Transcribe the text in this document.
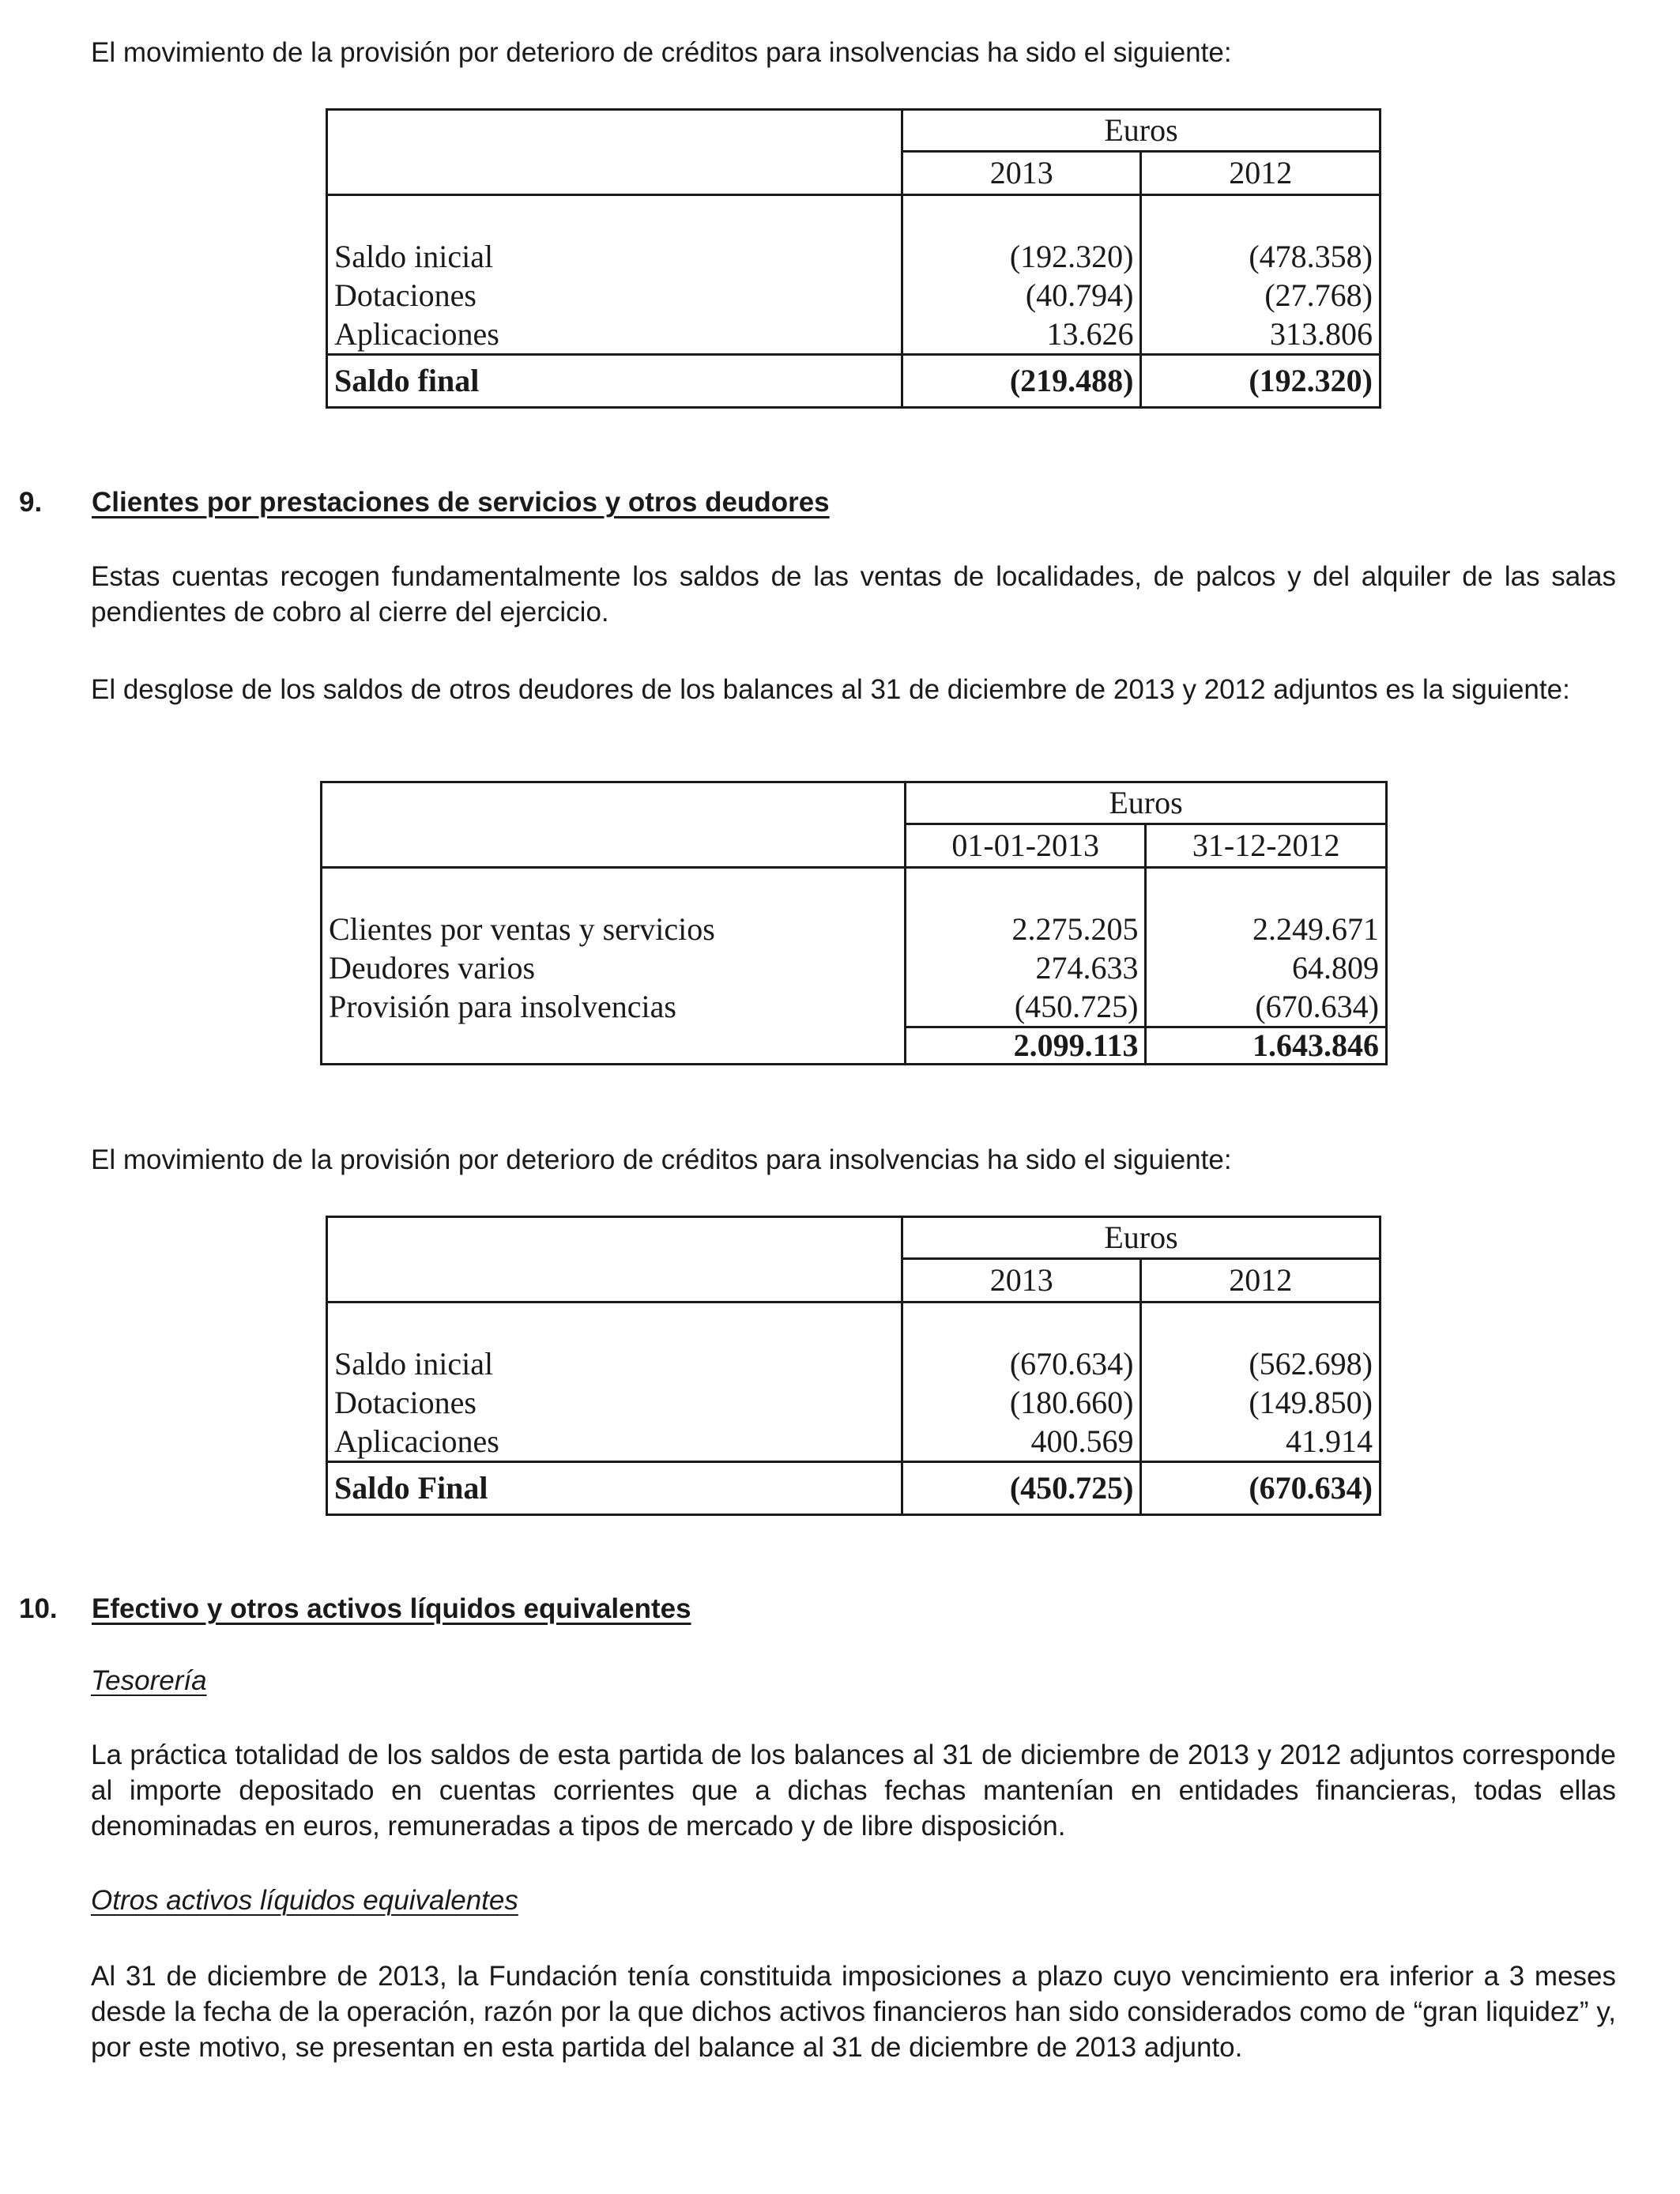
El movimiento de la provisión por deterioro de créditos para insolvencias ha sido el siguiente:

	Euros	
	2013	2012

Saldo inicial	(192.320)	(478.358)
Dotaciones	(40.794)	(27.768)
Aplicaciones	13.626	313.806
Saldo final	(219.488)	(192.320)

9. Clientes por prestaciones de servicios y otros deudores

Estas cuentas recogen fundamentalmente los saldos de las ventas de localidades, de palcos y del alquiler de las salas pendientes de cobro al cierre del ejercicio.

El desglose de los saldos de otros deudores de los balances al 31 de diciembre de 2013 y 2012 adjuntos es la siguiente:

	Euros	
	01-01-2013	31-12-2012

Clientes por ventas y servicios	2.275.205	2.249.671
Deudores varios	274.633	64.809
Provisión para insolvencias	(450.725)	(670.634)
	2.099.113	1.643.846

El movimiento de la provisión por deterioro de créditos para insolvencias ha sido el siguiente:

	Euros	
	2013	2012

Saldo inicial	(670.634)	(562.698)
Dotaciones	(180.660)	(149.850)
Aplicaciones	400.569	41.914
Saldo Final	(450.725)	(670.634)

10. Efectivo y otros activos líquidos equivalentes

Tesorería

La práctica totalidad de los saldos de esta partida de los balances al 31 de diciembre de 2013 y 2012 adjuntos corresponde al importe depositado en cuentas corrientes que a dichas fechas mantenían en entidades financieras, todas ellas denominadas en euros, remuneradas a tipos de mercado y de libre disposición.

Otros activos líquidos equivalentes

Al 31 de diciembre de 2013, la Fundación tenía constituida imposiciones a plazo cuyo vencimiento era inferior a 3 meses desde la fecha de la operación, razón por la que dichos activos financieros han sido considerados como de “gran liquidez” y, por este motivo, se presentan en esta partida del balance al 31 de diciembre de 2013 adjunto.
